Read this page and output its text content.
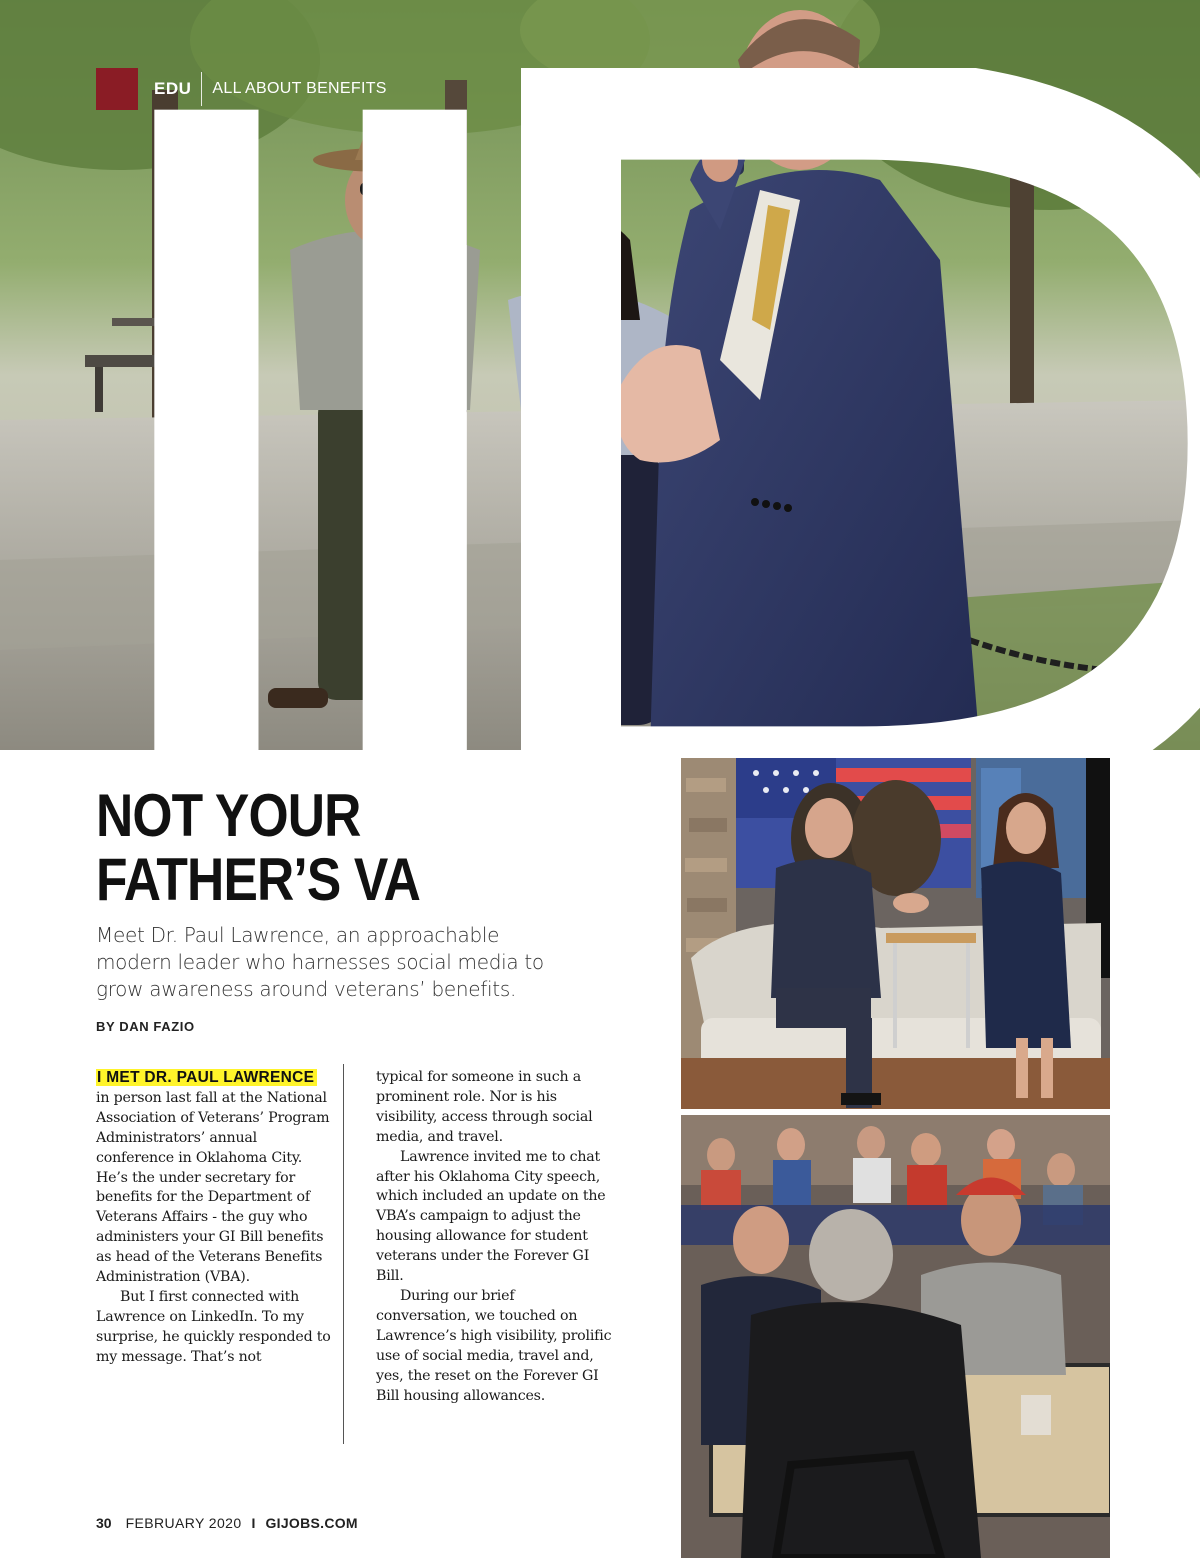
EDU ALL ABOUT BENEFITS
NOT YOUR
FATHER’S VA

Meet Dr. Paul Lawrence, an approachable modern leader who harnesses social media to grow awareness around veterans’ benefits.

BY DAN FAZIO

I MET DR. PAUL LAWRENCE in person last fall at the National Association of Veterans’ Program Administrators’ annual conference in Oklahoma City. He’s the under secretary for benefits for the Department of Veterans Affairs - the guy who administers your GI Bill benefits as head of the Veterans Benefits Administration (VBA).

But I first connected with Lawrence on LinkedIn. To my surprise, he quickly responded to my message. That’s not

typical for someone in such a prominent role. Nor is his visibility, access through social media, and travel.

Lawrence invited me to chat after his Oklahoma City speech, which included an update on the VBA’s campaign to adjust the housing allowance for student veterans under the Forever GI Bill.

During our brief conversation, we touched on Lawrence’s high visibility, prolific use of social media, travel and, yes, the reset on the Forever GI Bill housing allowances.

30 FEBRUARY 2020 I GIJOBS.COM
